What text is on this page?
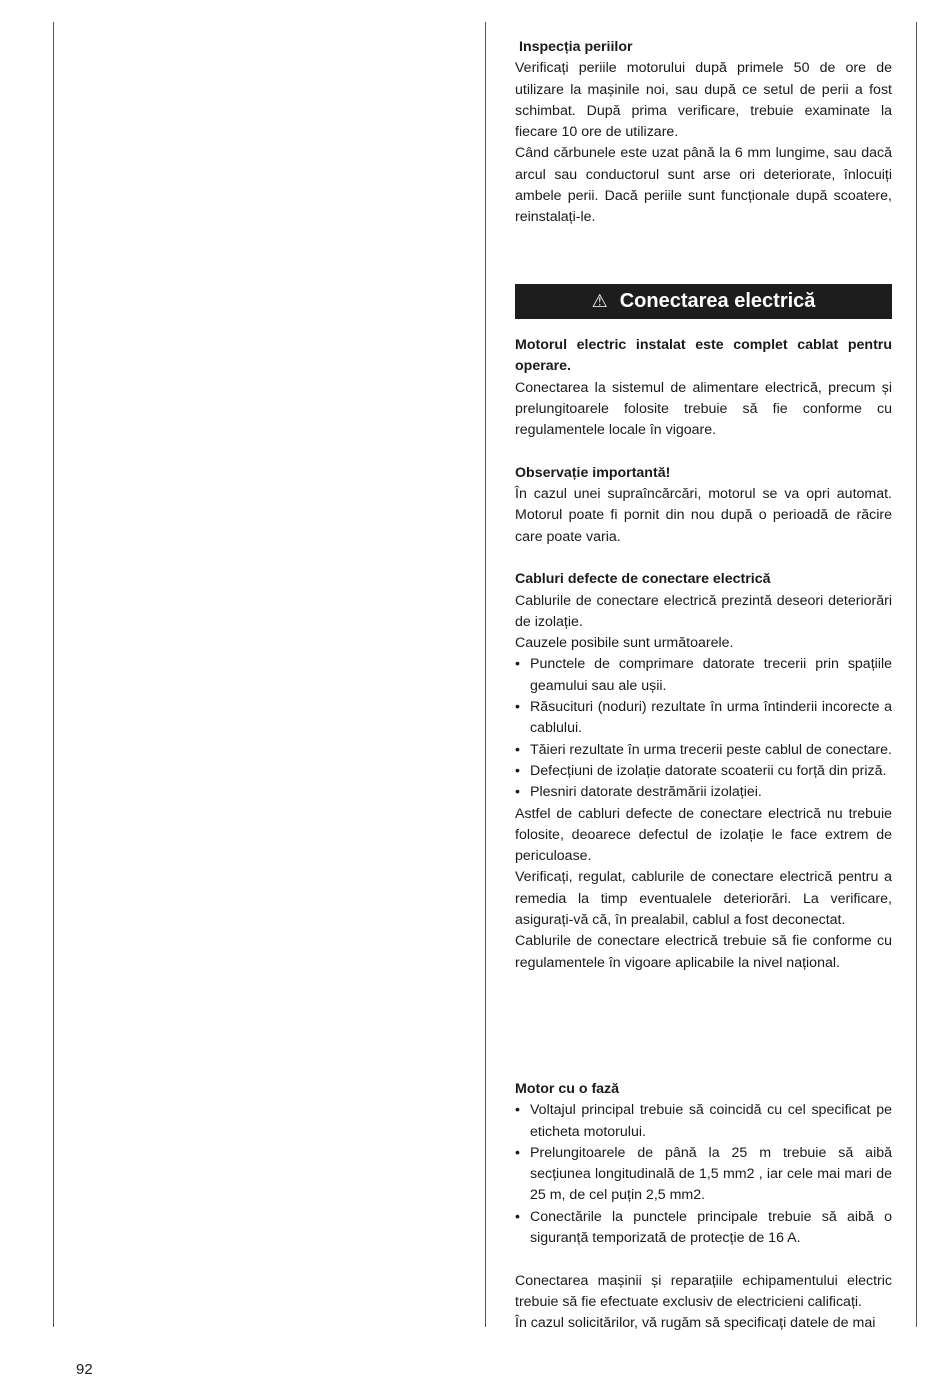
Inspecția periilor

Verificați periile motorului după primele 50 de ore de utilizare la mașinile noi, sau după ce setul de perii a fost schimbat. După prima verificare, trebuie examinate la fiecare 10 ore de utilizare.

Când cărbunele este uzat până la 6 mm lungime, sau dacă arcul sau conductorul sunt arse ori deteriorate, înlocuiți ambele perii. Dacă periile sunt funcționale după scoatere, reinstalați-le.

⚠ Conectarea electrică

Motorul electric instalat este complet cablat pentru operare.

Conectarea la sistemul de alimentare electrică, precum și prelungitoarele folosite trebuie să fie conforme cu regulamentele locale în vigoare.

Observație importantă!

În cazul unei supraîncărcări, motorul se va opri automat. Motorul poate fi pornit din nou după o perioadă de răcire care poate varia.

Cabluri defecte de conectare electrică

Cablurile de conectare electrică prezintă deseori deteriorări de izolație.

Cauzele posibile sunt următoarele.

• Punctele de comprimare datorate trecerii prin spațiile geamului sau ale ușii.
• Răsucituri (noduri) rezultate în urma întinderii incorecte a cablului.
• Tăieri rezultate în urma trecerii peste cablul de conectare.
• Defecțiuni de izolație datorate scoaterii cu forță din priză.
• Plesniri datorate destrămării izolației.

Astfel de cabluri defecte de conectare electrică nu trebuie folosite, deoarece defectul de izolație le face extrem de periculoase.

Verificați, regulat, cablurile de conectare electrică pentru a remedia la timp eventualele deteriorări. La verificare, asigurați-vă că, în prealabil, cablul a fost deconectat.

Cablurile de conectare electrică trebuie să fie conforme cu regulamentele în vigoare aplicabile la nivel național.

Motor cu o fază

• Voltajul principal trebuie să coincidă cu cel specificat pe eticheta motorului.
• Prelungitoarele de până la 25 m trebuie să aibă secțiunea longitudinală de 1,5 mm2 , iar cele mai mari de 25 m, de cel puțin 2,5 mm2.
• Conectările la punctele principale trebuie să aibă o siguranță temporizată de protecție de 16 A.

Conectarea mașinii și reparațiile echipamentului electric trebuie să fie efectuate exclusiv de electricieni calificați.

În cazul solicitărilor, vă rugăm să specificați datele de mai

92
